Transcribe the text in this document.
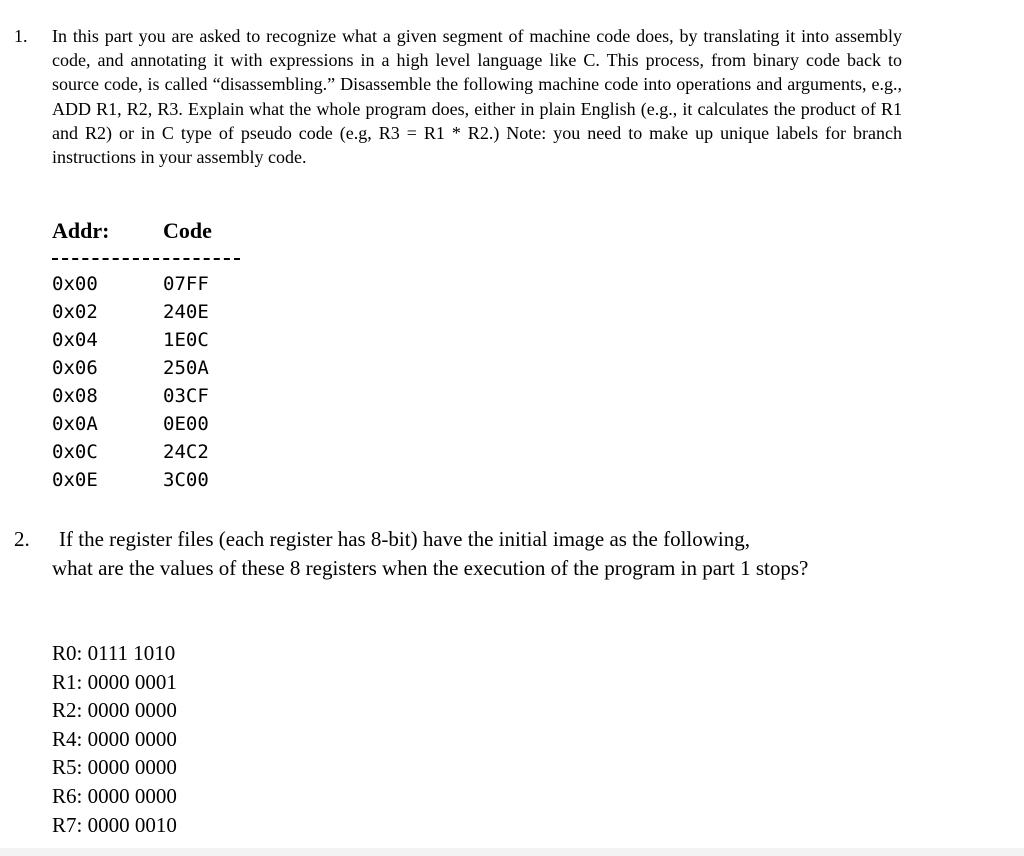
1. In this part you are asked to recognize what a given segment of machine code does, by translating it into assembly code, and annotating it with expressions in a high level language like C. This process, from binary code back to source code, is called “disassembling.” Disassemble the following machine code into operations and arguments, e.g., ADD R1, R2, R3. Explain what the whole program does, either in plain English (e.g., it calculates the product of R1 and R2) or in C type of pseudo code (e.g, R3 = R1 * R2.) Note: you need to make up unique labels for branch instructions in your assembly code.
Addr: Code
0x00	07FF
0x02	240E
0x04	1E0C
0x06	250A
0x08	03CF
0x0A	0E00
0x0C	24C2
0x0E	3C00
2.	If the register files (each register has 8-bit) have the initial image as the following,
what are the values of these 8 registers when the execution of the program in part 1 stops?
R0: 0111 1010
R1: 0000 0001
R2: 0000 0000
R4: 0000 0000
R5: 0000 0000
R6: 0000 0000
R7: 0000 0010
